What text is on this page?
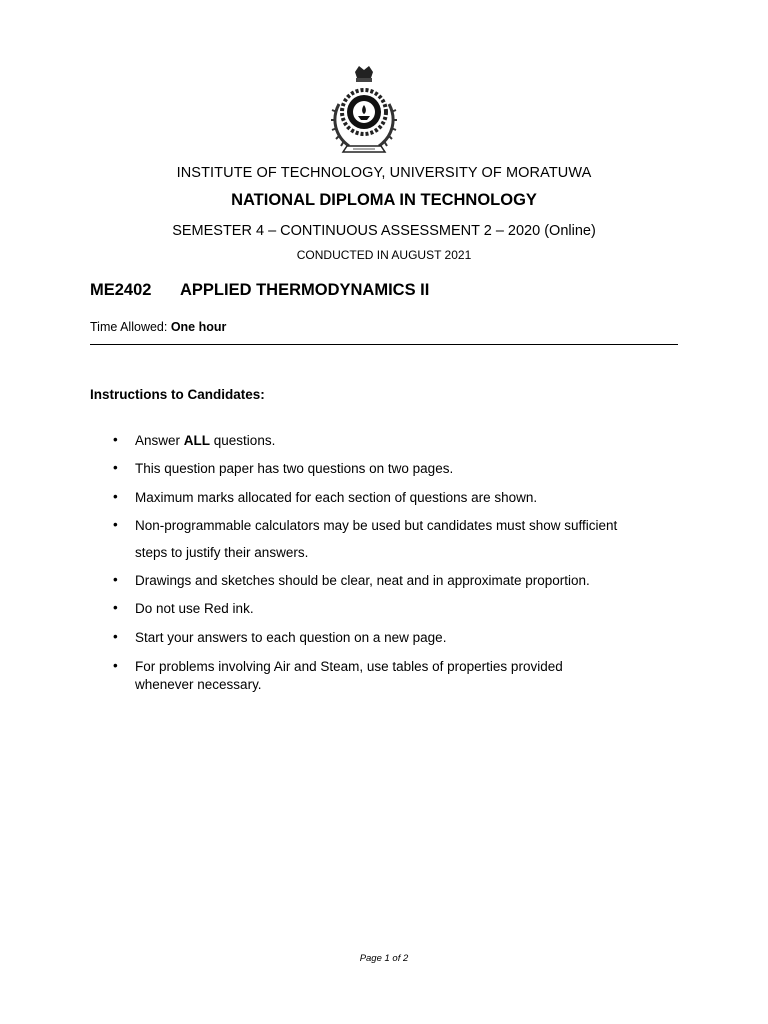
INSTITUTE OF TECHNOLOGY, UNIVERSITY OF MORATUWA
NATIONAL DIPLOMA IN TECHNOLOGY
SEMESTER 4 – CONTINUOUS ASSESSMENT 2 – 2020 (Online)
CONDUCTED IN AUGUST 2021
ME2402 APPLIED THERMODYNAMICS II
Time Allowed: One hour
Instructions to Candidates:
• Answer ALL questions.
• This question paper has two questions on two pages.
• Maximum marks allocated for each section of questions are shown.
• Non-programmable calculators may be used but candidates must show sufficient
steps to justify their answers.
• Drawings and sketches should be clear, neat and in approximate proportion.
• Do not use Red ink.
• Start your answers to each question on a new page.
• For problems involving Air and Steam, use tables of properties provided
whenever necessary.
Page 1 of 2
